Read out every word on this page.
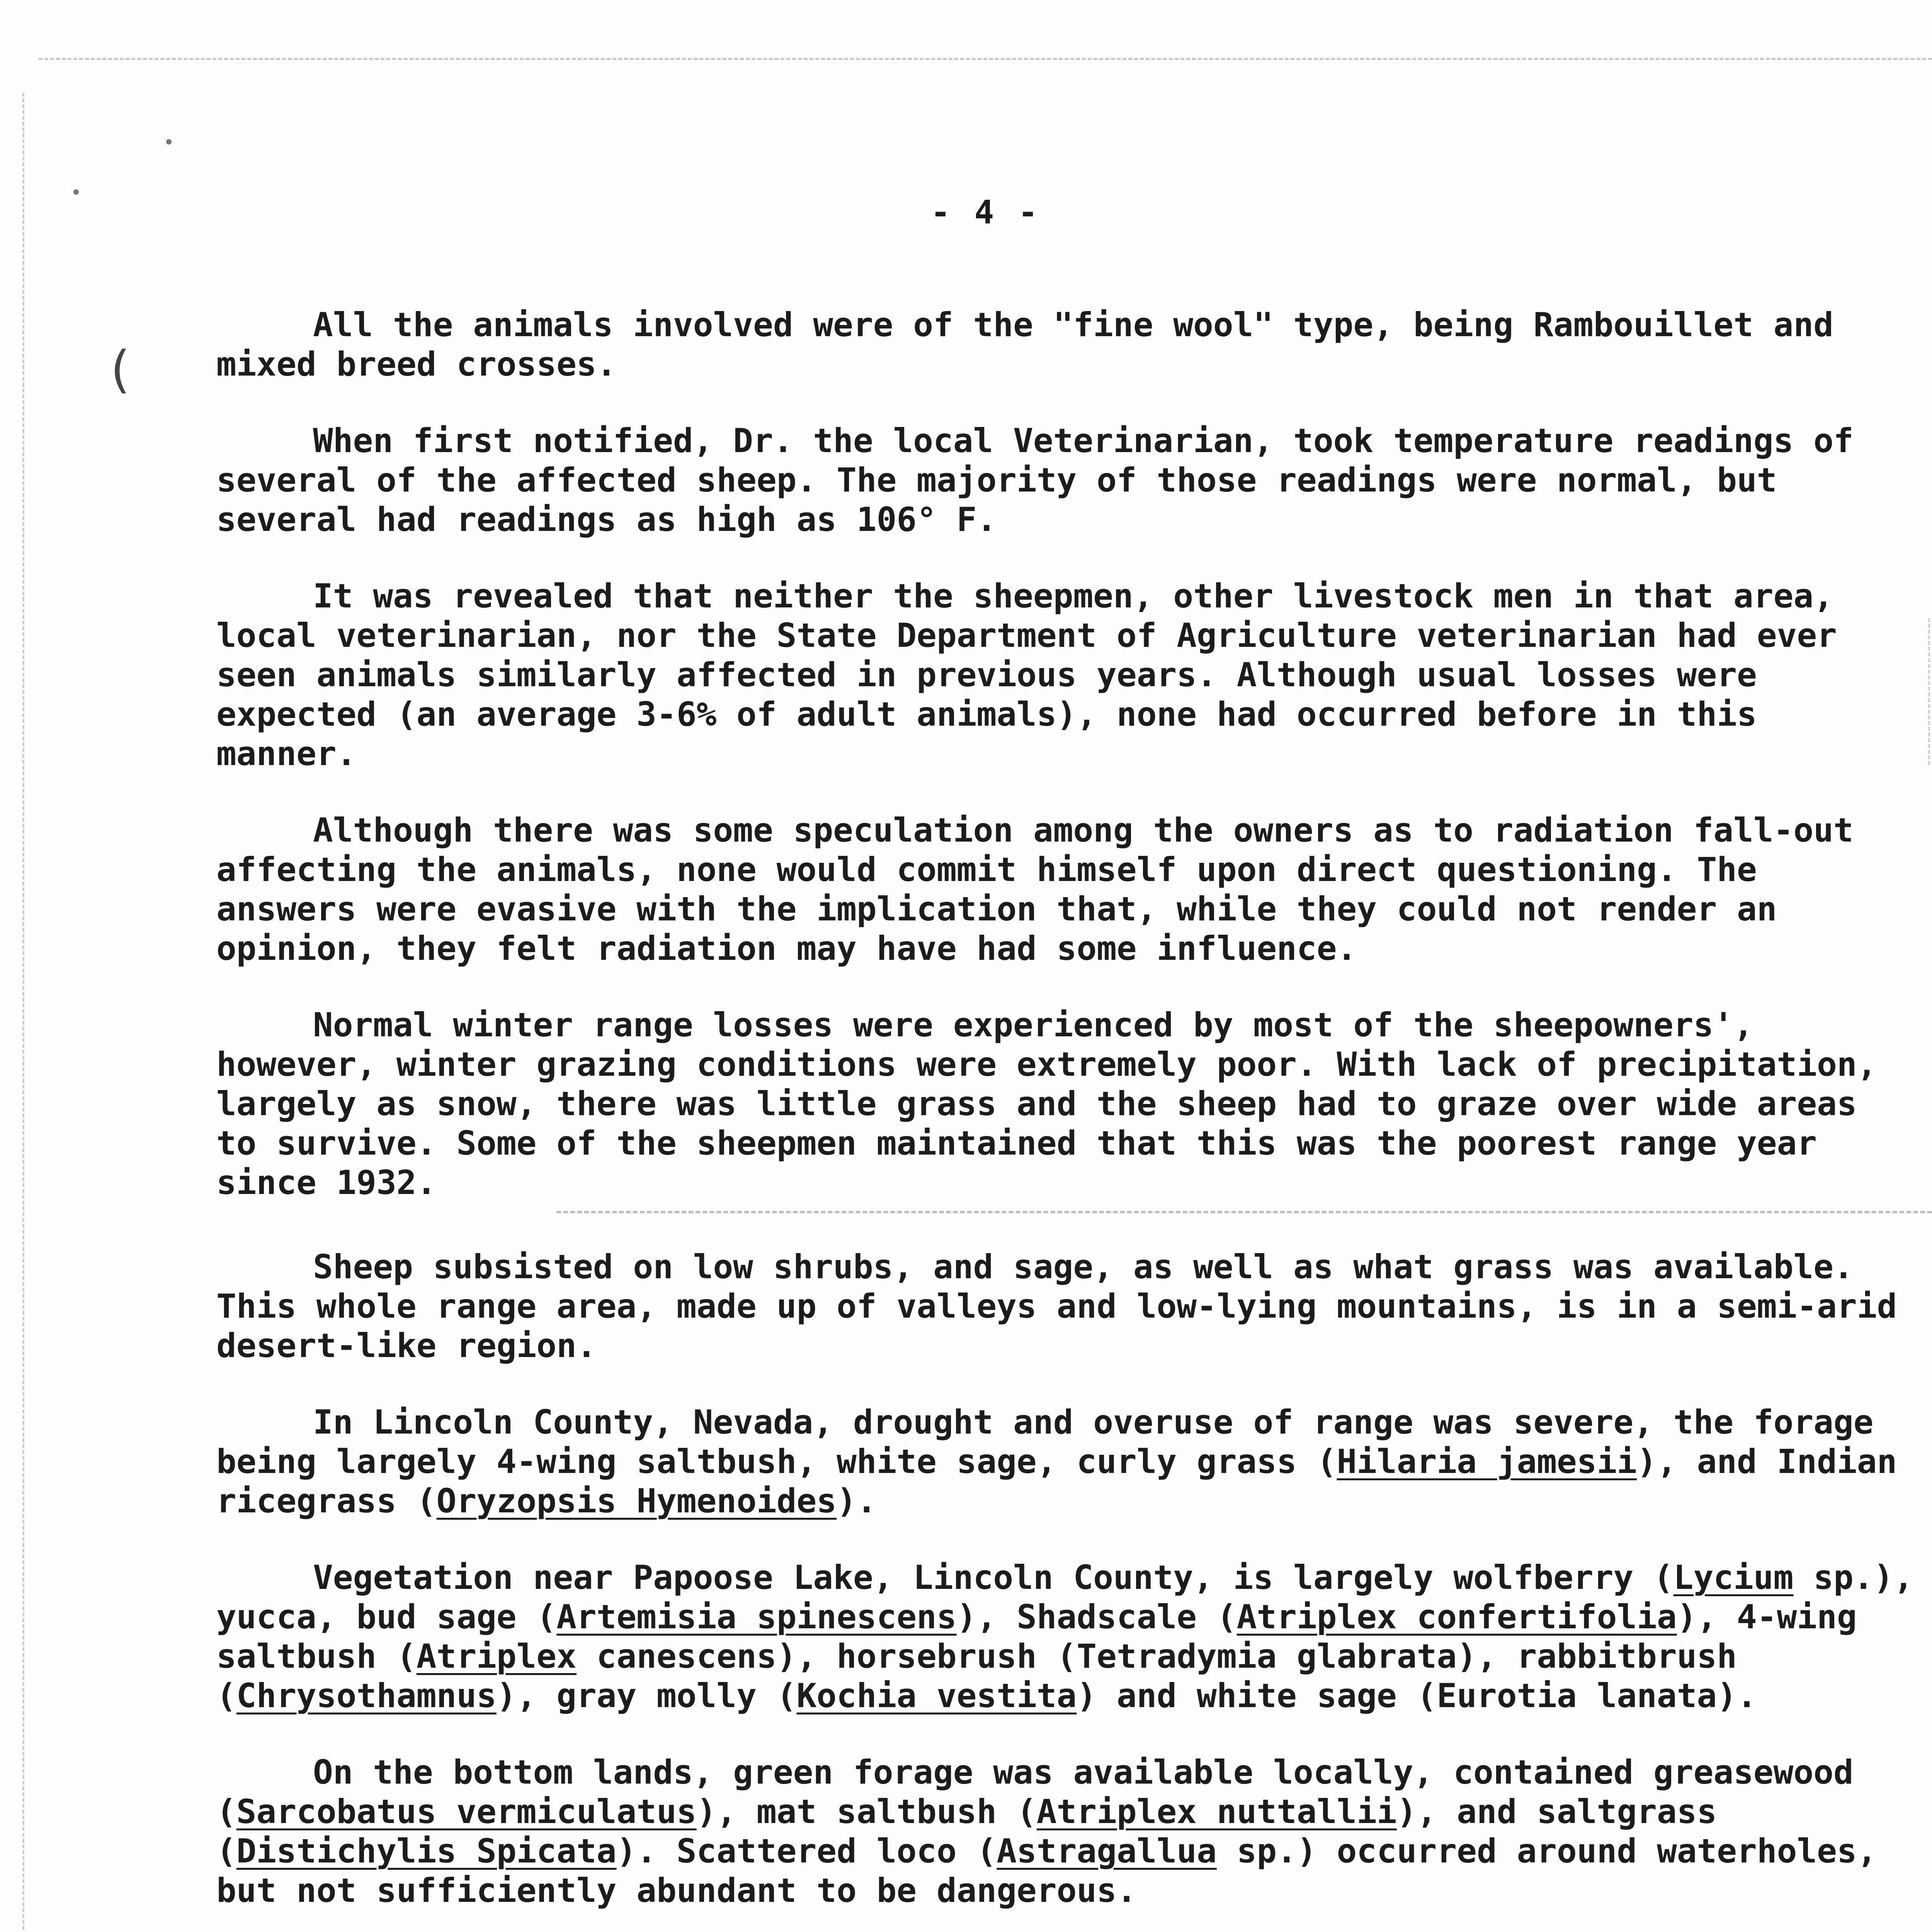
- 4 -
(

All the animals involved were of the "fine wool" type, being Rambouillet and mixed breed crosses.

When first notified, Dr. the local Veterinarian, took temperature readings of several of the affected sheep. The majority of those readings were normal, but several had readings as high as 106° F.

It was revealed that neither the sheepmen, other livestock men in that area, local veterinarian, nor the State Department of Agriculture veterinarian had ever seen animals similarly affected in previous years. Although usual losses were expected (an average 3-6% of adult animals), none had occurred before in this manner.

Although there was some speculation among the owners as to radiation fall-out affecting the animals, none would commit himself upon direct questioning. The answers were evasive with the implication that, while they could not render an opinion, they felt radiation may have had some influence.

Normal winter range losses were experienced by most of the sheepowners', however, winter grazing conditions were extremely poor. With lack of precipitation, largely as snow, there was little grass and the sheep had to graze over wide areas to survive. Some of the sheepmen maintained that this was the poorest range year since 1932.

Sheep subsisted on low shrubs, and sage, as well as what grass was available. This whole range area, made up of valleys and low-lying mountains, is in a semi-arid desert-like region.

In Lincoln County, Nevada, drought and overuse of range was severe, the forage being largely 4-wing saltbush, white sage, curly grass (Hilaria jamesii), and Indian ricegrass (Oryzopsis Hymenoides).

Vegetation near Papoose Lake, Lincoln County, is largely wolfberry (Lycium sp.), yucca, bud sage (Artemisia spinescens), Shadscale (Atriplex confertifolia), 4-wing saltbush (Atriplex canescens), horsebrush (Tetradymia glabrata), rabbitbrush (Chrysothamnus), gray molly (Kochia vestita) and white sage (Eurotia lanata).

On the bottom lands, green forage was available locally, contained greasewood (Sarcobatus vermiculatus), mat saltbush (Atriplex nuttallii), and saltgrass (Distichylis Spicata). Scattered loco (Astragallua sp.) occurred around waterholes, but not sufficiently abundant to be dangerous.
